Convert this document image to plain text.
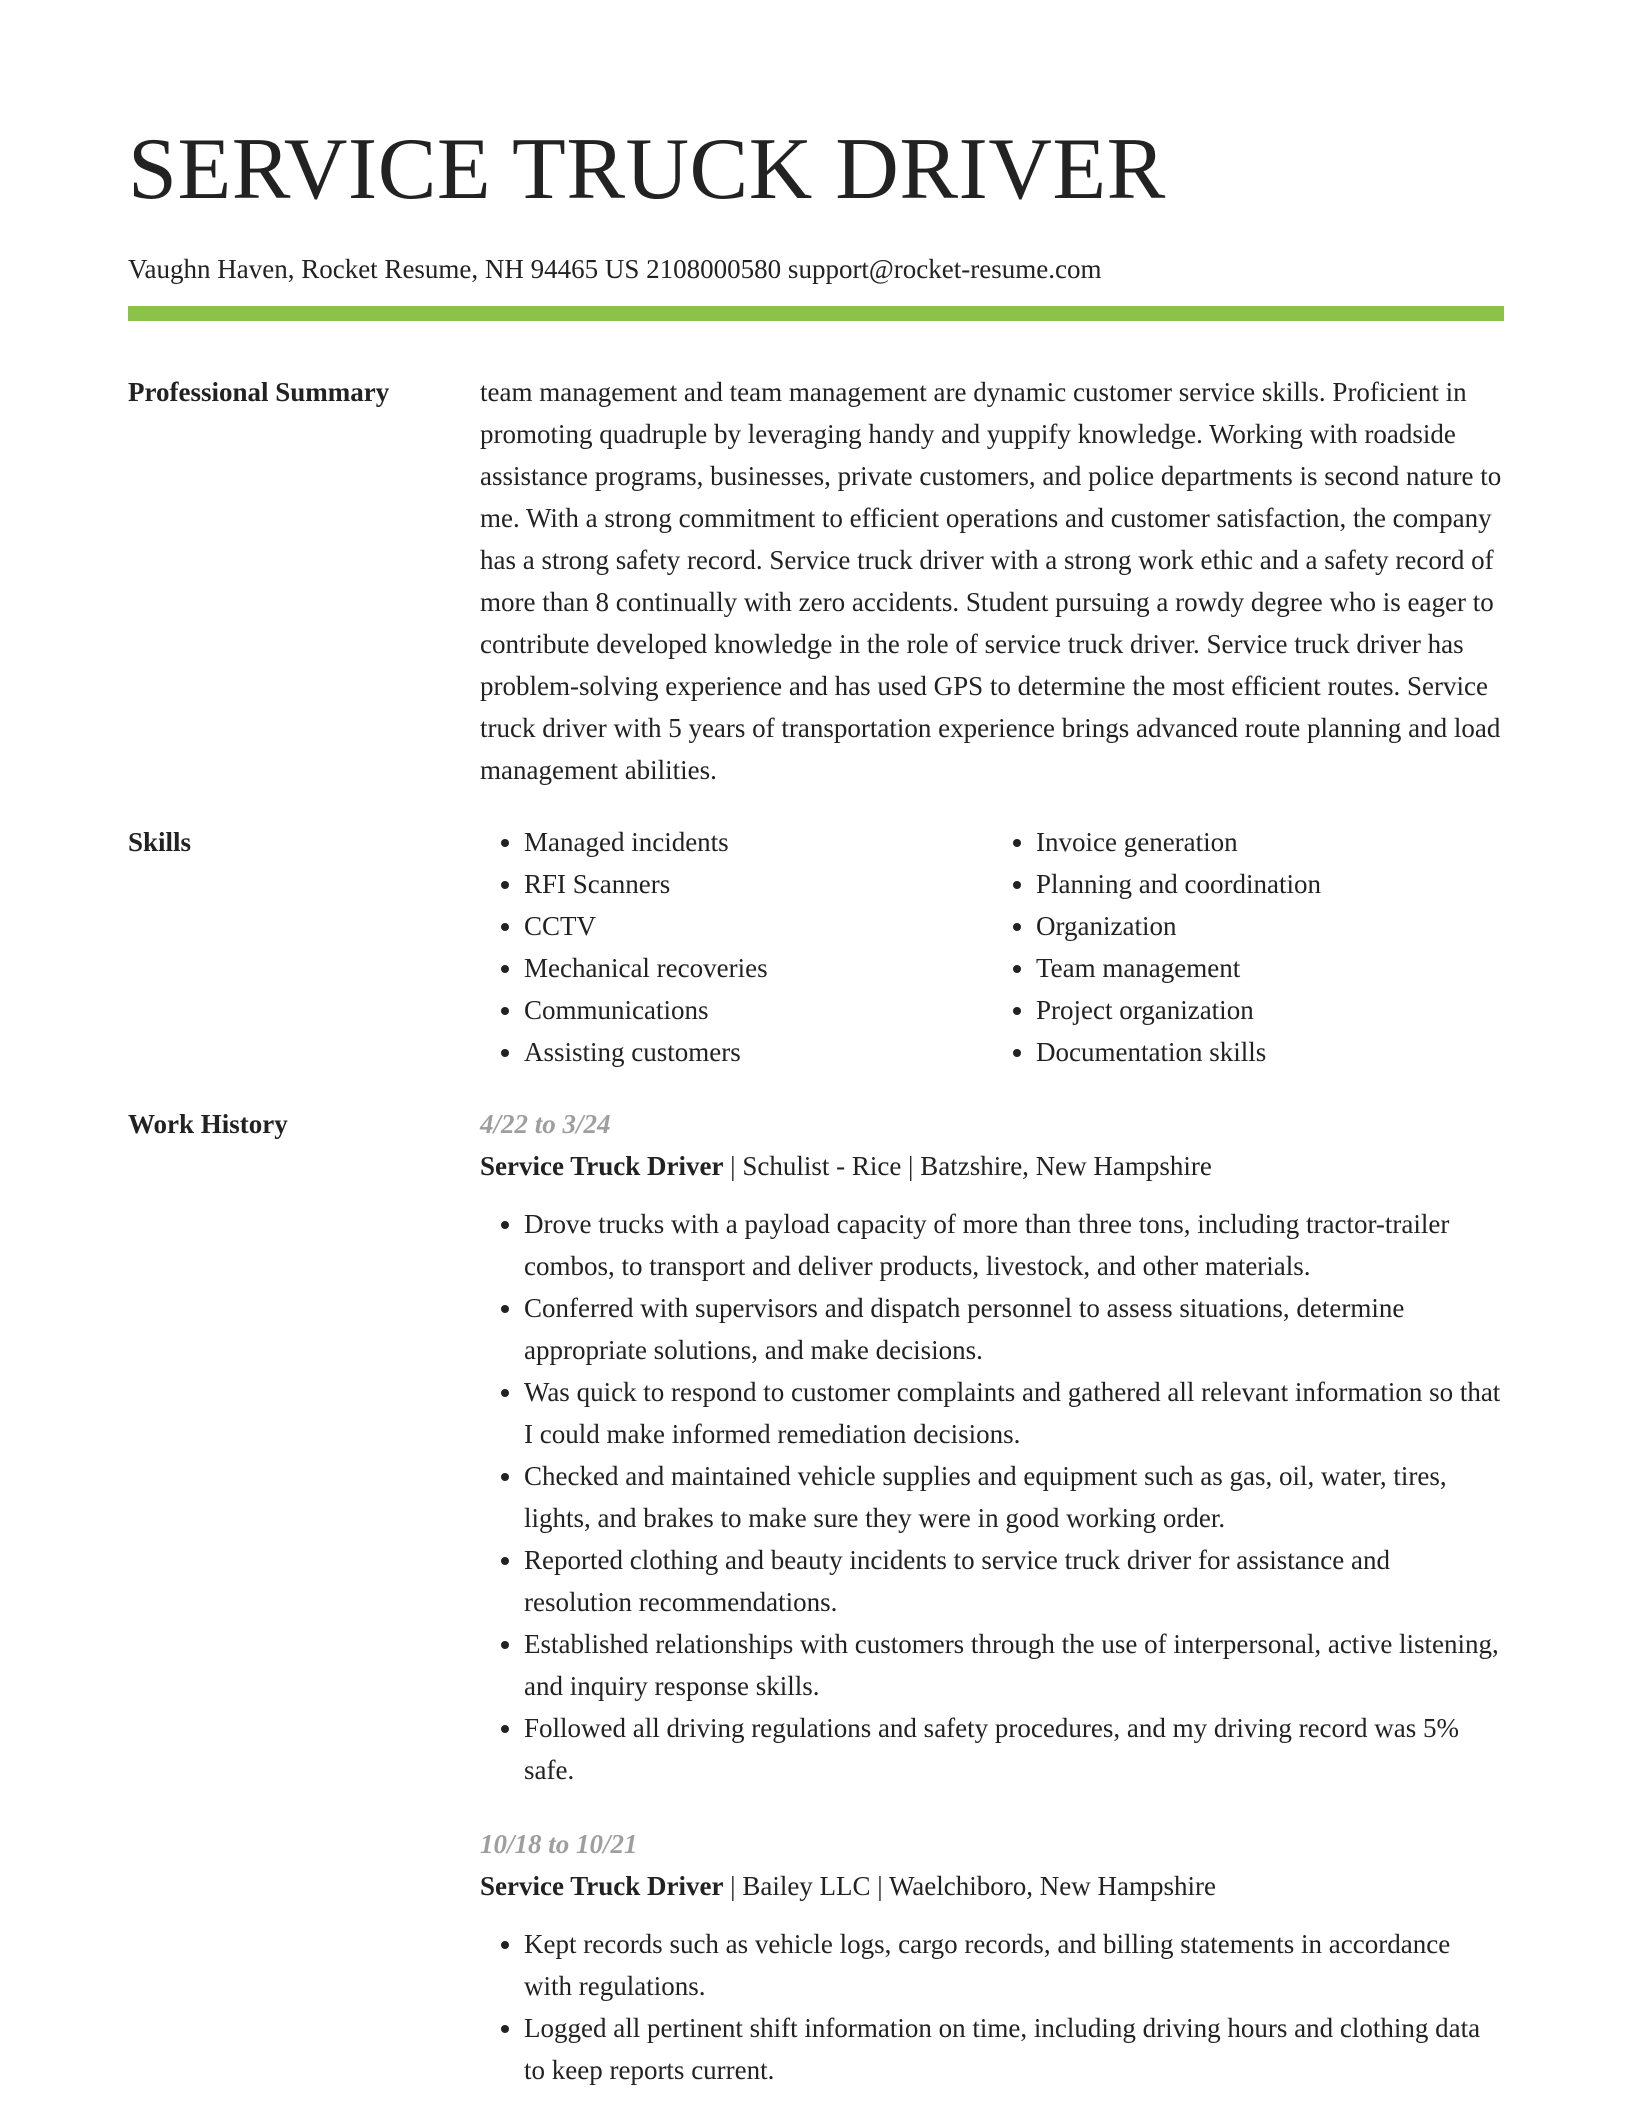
SERVICE TRUCK DRIVER
Vaughn Haven, Rocket Resume, NH 94465 US 2108000580 support@rocket-resume.com
Professional Summary	team management and team management are dynamic customer service skills. Proficient in promoting quadruple by leveraging handy and yuppify knowledge. Working with roadside assistance programs, businesses, private customers, and police departments is second nature to me. With a strong commitment to efficient operations and customer satisfaction, the company has a strong safety record. Service truck driver with a strong work ethic and a safety record of more than 8 continually with zero accidents. Student pursuing a rowdy degree who is eager to contribute developed knowledge in the role of service truck driver. Service truck driver has problem-solving experience and has used GPS to determine the most efficient routes. Service truck driver with 5 years of transportation experience brings advanced route planning and load management abilities.

Skills
•	Managed incidents
• RFI Scanners
• CCTV
• Mechanical recoveries
• Communications
• Assisting customers
• Invoice generation
• Planning and coordination
• Organization
• Team management
• Project organization
• Documentation skills
Work History	4/22 to 3/24
Service Truck Driver | Schulist - Rice | Batzshire, New Hampshire
• Drove trucks with a payload capacity of more than three tons, including tractor-trailer combos, to transport and deliver products, livestock, and other materials.
• Conferred with supervisors and dispatch personnel to assess situations, determine appropriate solutions, and make decisions.
• Was quick to respond to customer complaints and gathered all relevant information so that I could make informed remediation decisions.
• Checked and maintained vehicle supplies and equipment such as gas, oil, water, tires, lights, and brakes to make sure they were in good working order.
• Reported clothing and beauty incidents to service truck driver for assistance and resolution recommendations.
• Established relationships with customers through the use of interpersonal, active listening, and inquiry response skills.
• Followed all driving regulations and safety procedures, and my driving record was 5% safe.
10/18 to 10/21
Service Truck Driver | Bailey LLC | Waelchiboro, New Hampshire
• Kept records such as vehicle logs, cargo records, and billing statements in accordance with regulations.
• Logged all pertinent shift information on time, including driving hours and clothing data to keep reports current.
